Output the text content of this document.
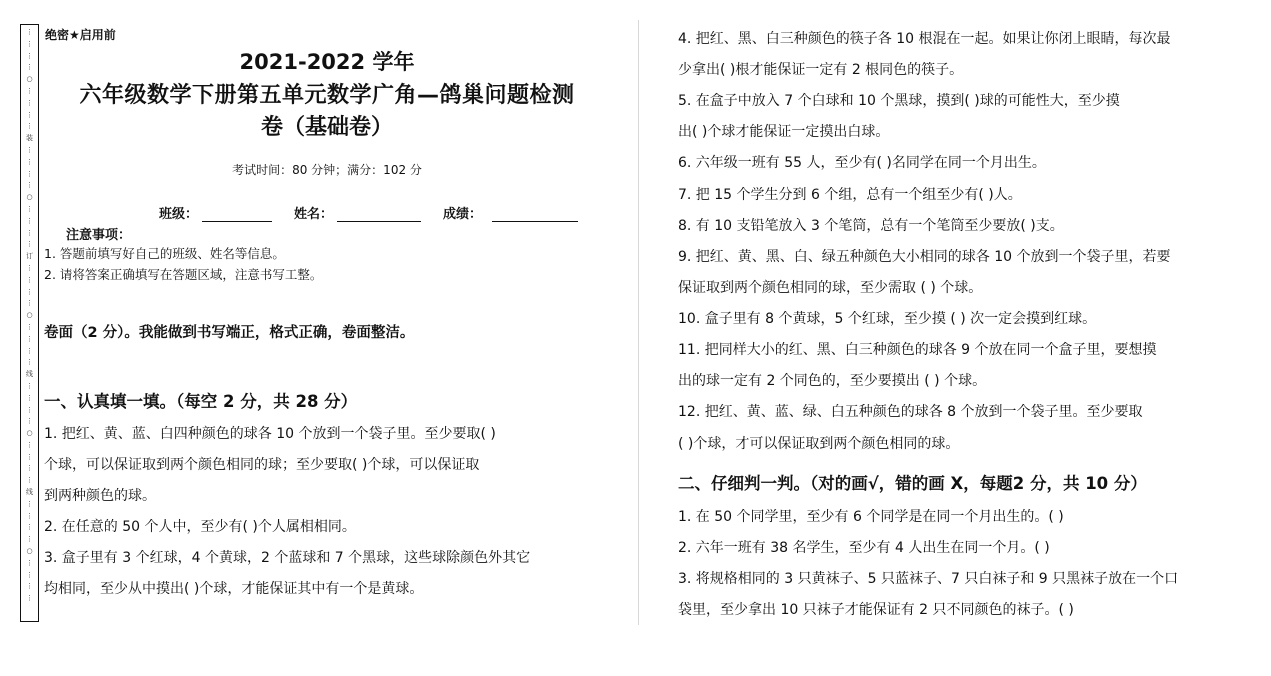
⋮
⋮
⋮
⋮
○
⋮
⋮
⋮
⋮
装
⋮
⋮
⋮
⋮
○
⋮
⋮
⋮
⋮
订
⋮
⋮
⋮
⋮
○
⋮
⋮
⋮
⋮
线
⋮
⋮
⋮
⋮
○
⋮
⋮
⋮
⋮
线
⋮
⋮
⋮
⋮
○
⋮
⋮
⋮
⋮
绝密★启用前
2021-2022 学年
六年级数学下册第五单元数学广角—鸽巢问题检测
卷（基础卷）
考试时间：80 分钟；满分：102 分
班级：	姓名：	成绩：
注意事项：
1. 答题前填写好自己的班级、姓名等信息。
2. 请将答案正确填写在答题区域，注意书写工整。
卷面（2 分）。我能做到书写端正，格式正确，卷面整洁。
一、认真填一填。（每空 2 分，共 28 分）
1. 把红、黄、蓝、白四种颜色的球各 10 个放到一个袋子里。至少要取( )
个球，可以保证取到两个颜色相同的球；至少要取( )个球，可以保证取
到两种颜色的球。
2. 在任意的 50 个人中，至少有( )个人属相相同。
3. 盒子里有 3 个红球，4 个黄球，2 个蓝球和 7 个黑球，这些球除颜色外其它
均相同，至少从中摸出( )个球，才能保证其中有一个是黄球。
4. 把红、黑、白三种颜色的筷子各 10 根混在一起。如果让你闭上眼睛，每次最
少拿出( )根才能保证一定有 2 根同色的筷子。
5. 在盒子中放入 7 个白球和 10 个黑球，摸到( )球的可能性大，至少摸
出( )个球才能保证一定摸出白球。
6. 六年级一班有 55 人，至少有( )名同学在同一个月出生。
7. 把 15 个学生分到 6 个组，总有一个组至少有( )人。
8. 有 10 支铅笔放入 3 个笔筒，总有一个笔筒至少要放( )支。
9. 把红、黄、黑、白、绿五种颜色大小相同的球各 10 个放到一个袋子里，若要
保证取到两个颜色相同的球，至少需取 ( ) 个球。
10. 盒子里有 8 个黄球，5 个红球，至少摸 ( ) 次一定会摸到红球。
11. 把同样大小的红、黑、白三种颜色的球各 9 个放在同一个盒子里，要想摸
出的球一定有 2 个同色的，至少要摸出 ( ) 个球。
12. 把红、黄、蓝、绿、白五种颜色的球各 8 个放到一个袋子里。至少要取
( )个球，才可以保证取到两个颜色相同的球。
二、仔细判一判。（对的画√，错的画 X，每题2 分，共 10 分）
1. 在 50 个同学里，至少有 6 个同学是在同一个月出生的。( )
2. 六年一班有 38 名学生，至少有 4 人出生在同一个月。( )
3. 将规格相同的 3 只黄袜子、5 只蓝袜子、7 只白袜子和 9 只黑袜子放在一个口
袋里，至少拿出 10 只袜子才能保证有 2 只不同颜色的袜子。( )
